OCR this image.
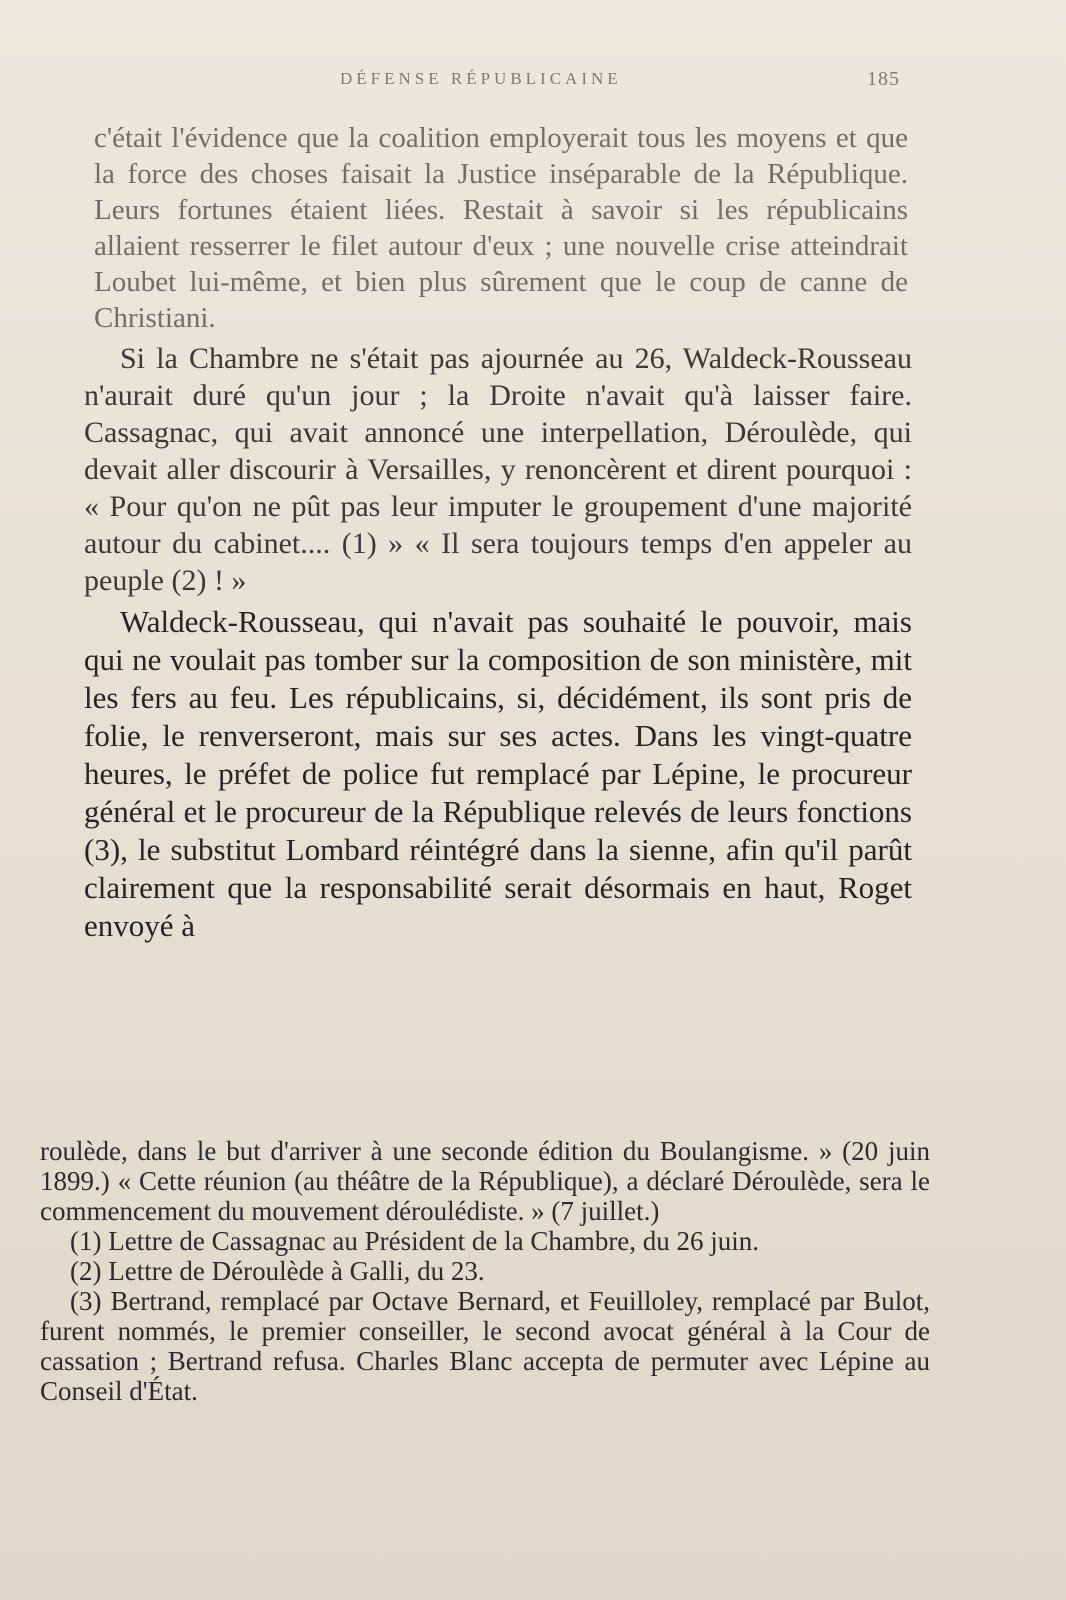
DÉFENSE RÉPUBLICAINE	185

c'était l'évidence que la coalition employerait tous les moyens et que la force des choses faisait la Justice inséparable de la République. Leurs fortunes étaient liées. Restait à savoir si les républicains allaient resserrer le filet autour d'eux ; une nouvelle crise atteindrait Loubet lui-même, et bien plus sûrement que le coup de canne de Christiani.

Si la Chambre ne s'était pas ajournée au 26, Waldeck-Rousseau n'aurait duré qu'un jour ; la Droite n'avait qu'à laisser faire. Cassagnac, qui avait annoncé une interpellation, Déroulède, qui devait aller discourir à Versailles, y renoncèrent et dirent pourquoi : « Pour qu'on ne pût pas leur imputer le groupement d'une majorité autour du cabinet.... (1) » « Il sera toujours temps d'en appeler au peuple (2) ! »

Waldeck-Rousseau, qui n'avait pas souhaité le pouvoir, mais qui ne voulait pas tomber sur la composition de son ministère, mit les fers au feu. Les républicains, si, décidément, ils sont pris de folie, le renverseront, mais sur ses actes. Dans les vingt-quatre heures, le préfet de police fut remplacé par Lépine, le procureur général et le procureur de la République relevés de leurs fonctions (3), le substitut Lombard réintégré dans la sienne, afin qu'il parût clairement que la responsabilité serait désormais en haut, Roget envoyé à

roulède, dans le but d'arriver à une seconde édition du Boulangisme. » (20 juin 1899.) « Cette réunion (au théâtre de la République), a déclaré Déroulède, sera le commencement du mouvement déroulédiste. » (7 juillet.)

(1) Lettre de Cassagnac au Président de la Chambre, du 26 juin.

(2) Lettre de Déroulède à Galli, du 23.

(3) Bertrand, remplacé par Octave Bernard, et Feuilloley, remplacé par Bulot, furent nommés, le premier conseiller, le second avocat général à la Cour de cassation ; Bertrand refusa. Charles Blanc accepta de permuter avec Lépine au Conseil d'État.
